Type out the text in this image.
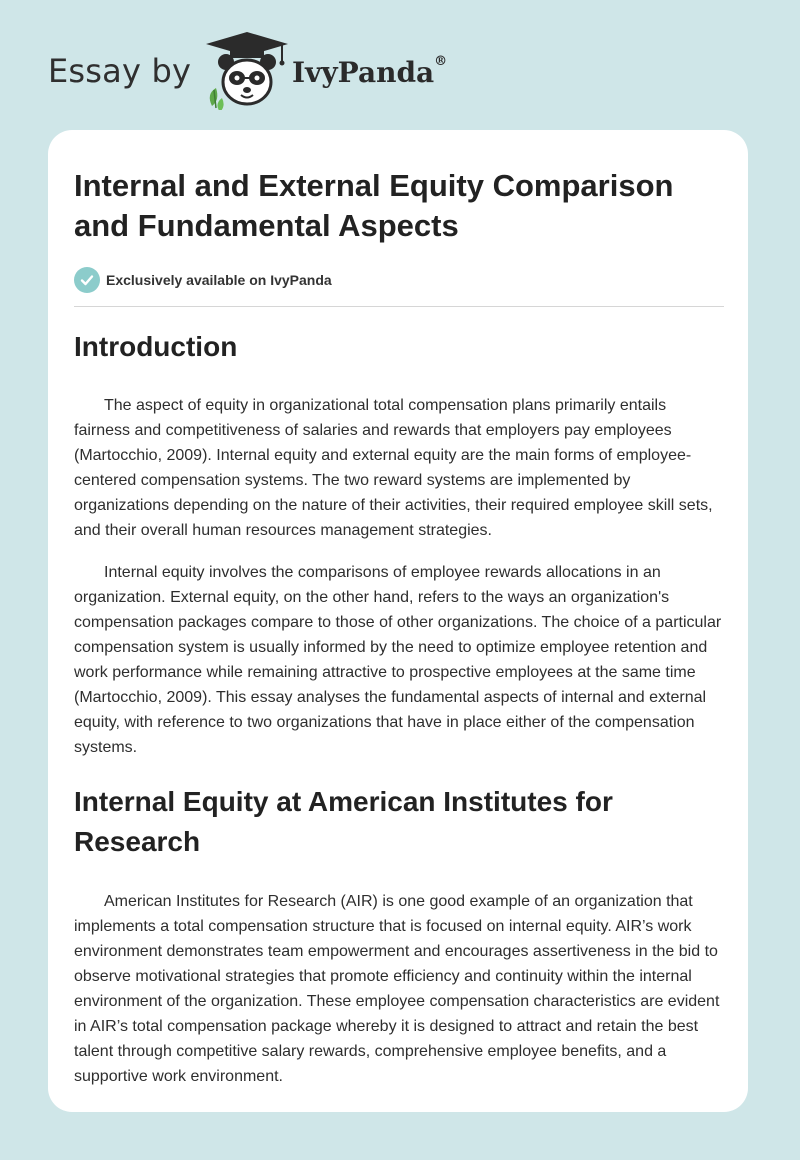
Essay by	IvyPanda®
Internal and External Equity Comparison and Fundamental Aspects
Exclusively available on IvyPanda
Introduction

The aspect of equity in organizational total compensation plans primarily entails fairness and competitiveness of salaries and rewards that employers pay employees (Martocchio, 2009). Internal equity and external equity are the main forms of employee-centered compensation systems. The two reward systems are implemented by organizations depending on the nature of their activities, their required employee skill sets, and their overall human resources management strategies.

Internal equity involves the comparisons of employee rewards allocations in an organization. External equity, on the other hand, refers to the ways an organization's compensation packages compare to those of other organizations. The choice of a particular compensation system is usually informed by the need to optimize employee retention and work performance while remaining attractive to prospective employees at the same time (Martocchio, 2009). This essay analyses the fundamental aspects of internal and external equity, with reference to two organizations that have in place either of the compensation systems.

Internal Equity at American Institutes for Research

American Institutes for Research (AIR) is one good example of an organization that implements a total compensation structure that is focused on internal equity. AIR’s work environment demonstrates team empowerment and encourages assertiveness in the bid to observe motivational strategies that promote efficiency and continuity within the internal environment of the organization. These employee compensation characteristics are evident in AIR’s total compensation package whereby it is designed to attract and retain the best talent through competitive salary rewards, comprehensive employee benefits, and a supportive work environment.
